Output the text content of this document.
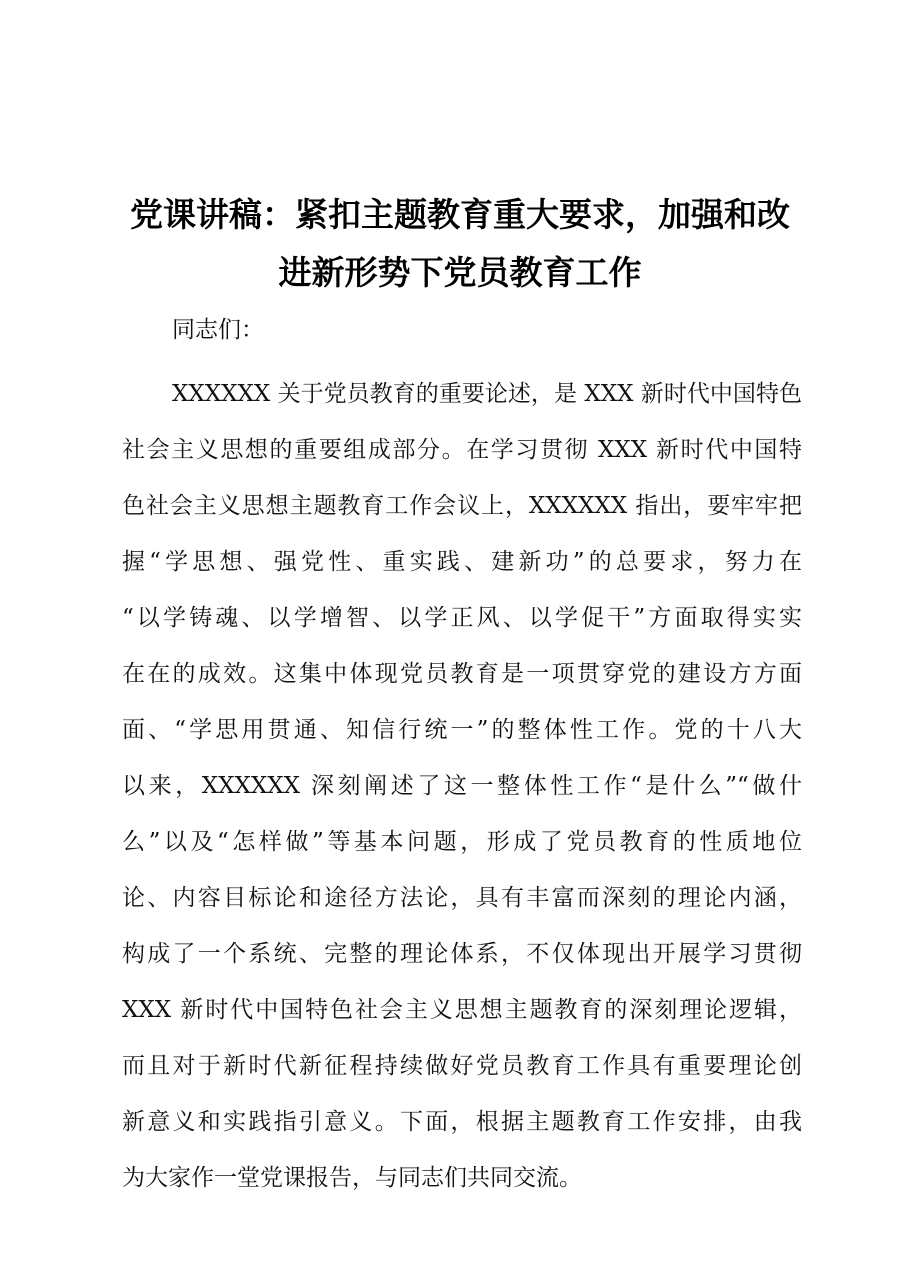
党课讲稿：紧扣主题教育重大要求，加强和改
进新形势下党员教育工作
同志们：
XXXXXX 关于党员教育的重要论述，是 XXX 新时代中国特色
社会主义思想的重要组成部分。在学习贯彻 XXX 新时代中国特
色社会主义思想主题教育工作会议上，XXXXXX 指出，要牢牢把
握“学思想、强党性、重实践、建新功”的总要求，努力在
“以学铸魂、以学增智、以学正风、以学促干”方面取得实实
在在的成效。这集中体现党员教育是一项贯穿党的建设方方面
面、“学思用贯通、知信行统一”的整体性工作。党的十八大
以来，XXXXXX 深刻阐述了这一整体性工作“是什么”“做什
么”以及“怎样做”等基本问题，形成了党员教育的性质地位
论、内容目标论和途径方法论，具有丰富而深刻的理论内涵，
构成了一个系统、完整的理论体系，不仅体现出开展学习贯彻
XXX 新时代中国特色社会主义思想主题教育的深刻理论逻辑，
而且对于新时代新征程持续做好党员教育工作具有重要理论创
新意义和实践指引意义。下面，根据主题教育工作安排，由我
为大家作一堂党课报告，与同志们共同交流。
